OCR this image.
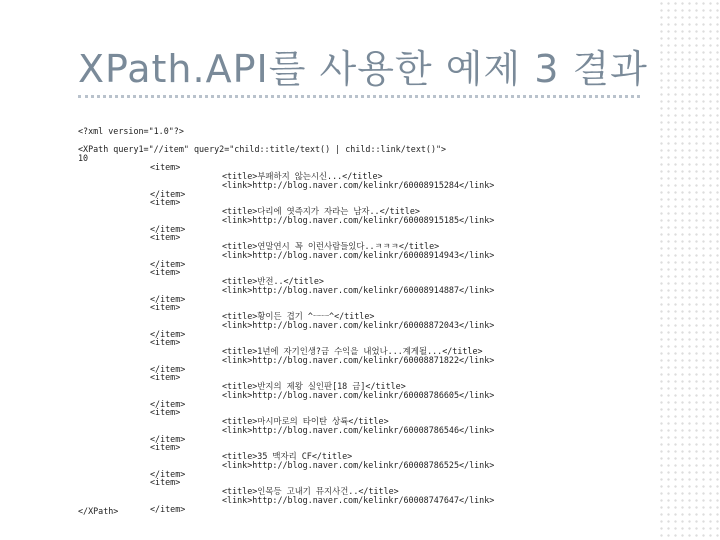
XPath.API를 사용한 예제 3 결과
<?xml version="1.0"?>
<XPath query1="//item" query2="child::title/text() | child::link/text()">
10
<item>
<title>부패하지 않는시신...</title>
<link>http://blog.naver.com/kelinkr/60008915284</link>
</item>
<item>
<title>다리에 엿즉지가 자라는 남자..</title>
<link>http://blog.naver.com/kelinkr/60008915185</link>
</item>
<item>
<title>연말연시 꼭 이런사람들있다..ㅋㅋㅋ</title>
<link>http://blog.naver.com/kelinkr/60008914943</link>
</item>
<item>
<title>반전..</title>
<link>http://blog.naver.com/kelinkr/60008914887</link>
</item>
<item>
<title>황이든 겹기 ^ㅡㅡ^</title>
<link>http://blog.naver.com/kelinkr/60008872043</link>
</item>
<item>
<title>1년에 자기인생?금 수익을 내었나...계게될...</title>
<link>http://blog.naver.com/kelinkr/60008871822</link>
</item>
<item>
<title>반지의 제왕 실인판[18 금]</title>
<link>http://blog.naver.com/kelinkr/60008786605</link>
</item>
<item>
<title>마시마로의 타이탄 상륙</title>
<link>http://blog.naver.com/kelinkr/60008786546</link>
</item>
<item>
<title>35 맥자리 CF</title>
<link>http://blog.naver.com/kelinkr/60008786525</link>
</item>
<item>
<title>인목등 고내기 뮤지사건..</title>
<link>http://blog.naver.com/kelinkr/60008747647</link>
</item>
</XPath>
